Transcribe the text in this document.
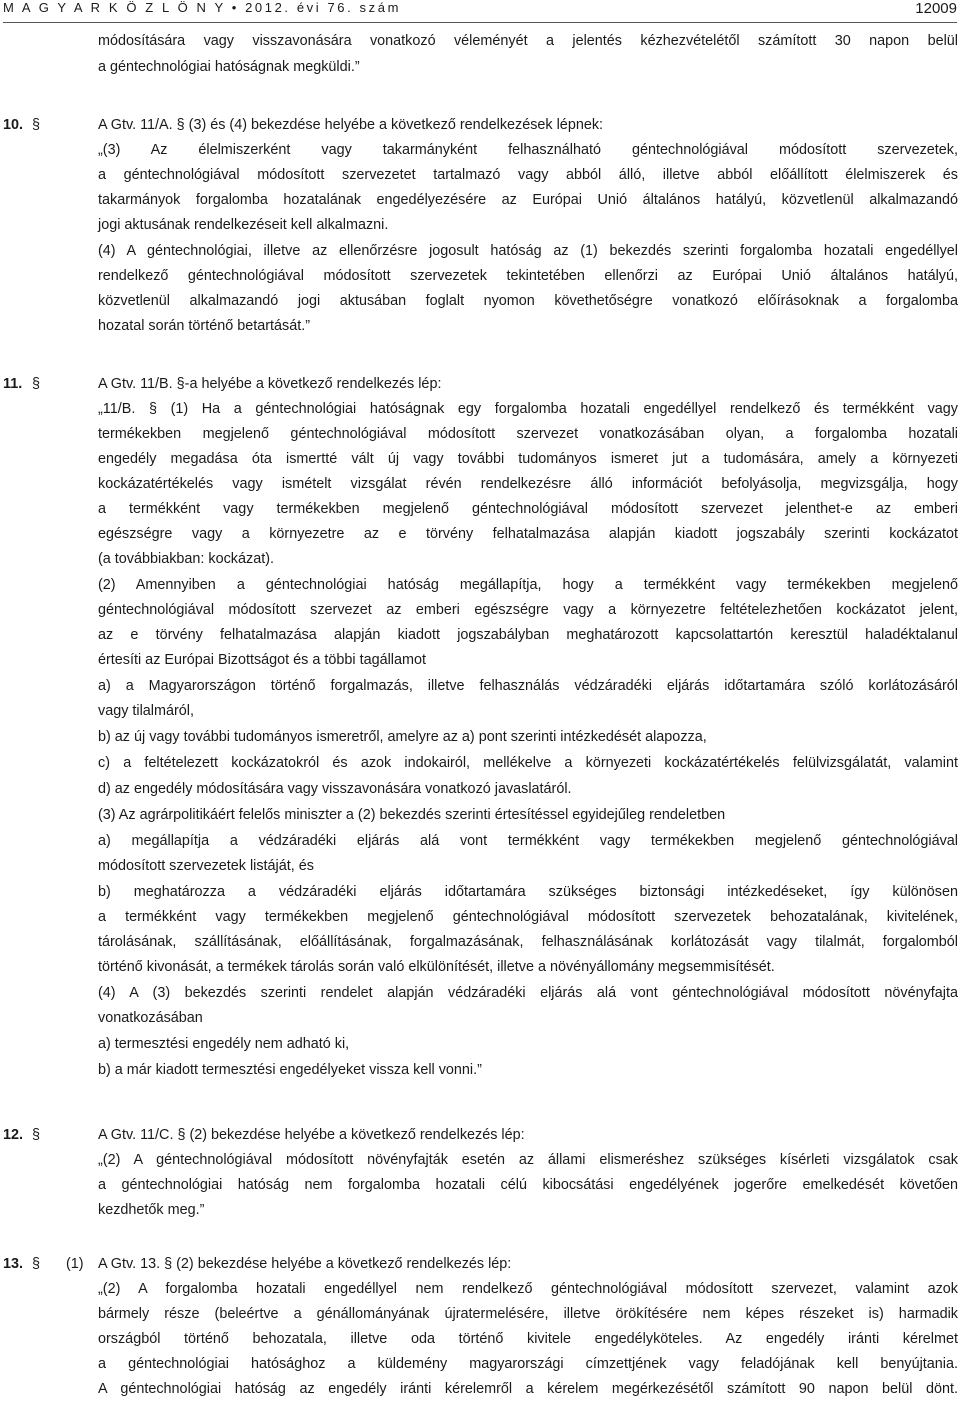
M A G Y A R K Ö Z L Ö N Y • 2012. évi 76. szám	12009
10. §
11. §
12. §
13. § (1)
módosítására vagy visszavonására vonatkozó véleményét a jelentés kézhezvételétől számított 30 napon belül
a géntechnológiai hatóságnak megküldi.”
A Gtv. 11/A. § (3) és (4) bekezdése helyébe a következő rendelkezések lépnek:
„(3) Az élelmiszerként vagy takarmányként felhasználható géntechnológiával módosított szervezetek,
a géntechnológiával módosított szervezetet tartalmazó vagy abból álló, illetve abból előállított élelmiszerek és
takarmányok forgalomba hozatalának engedélyezésére az Európai Unió általános hatályú, közvetlenül alkalmazandó
jogi aktusának rendelkezéseit kell alkalmazni.
(4) A géntechnológiai, illetve az ellenőrzésre jogosult hatóság az (1) bekezdés szerinti forgalomba hozatali engedéllyel
rendelkező géntechnológiával módosított szervezetek tekintetében ellenőrzi az Európai Unió általános hatályú,
közvetlenül alkalmazandó jogi aktusában foglalt nyomon követhetőségre vonatkozó előírásoknak a forgalomba
hozatal során történő betartását.”
A Gtv. 11/B. §-a helyébe a következő rendelkezés lép:
„11/B. § (1) Ha a géntechnológiai hatóságnak egy forgalomba hozatali engedéllyel rendelkező és termékként vagy
termékekben megjelenő géntechnológiával módosított szervezet vonatkozásában olyan, a forgalomba hozatali
engedély megadása óta ismertté vált új vagy további tudományos ismeret jut a tudomására, amely a környezeti
kockázatértékelés vagy ismételt vizsgálat révén rendelkezésre álló információt befolyásolja, megvizsgálja, hogy
a termékként vagy termékekben megjelenő géntechnológiával módosított szervezet jelenthet-e az emberi
egészségre vagy a környezetre az e törvény felhatalmazása alapján kiadott jogszabály szerinti kockázatot
(a továbbiakban: kockázat).
(2) Amennyiben a géntechnológiai hatóság megállapítja, hogy a termékként vagy termékekben megjelenő
géntechnológiával módosított szervezet az emberi egészségre vagy a környezetre feltételezhetően kockázatot jelent,
az e törvény felhatalmazása alapján kiadott jogszabályban meghatározott kapcsolattartón keresztül haladéktalanul
értesíti az Európai Bizottságot és a többi tagállamot
a) a Magyarországon történő forgalmazás, illetve felhasználás védzáradéki eljárás időtartamára szóló korlátozásáról
vagy tilalmáról,
b) az új vagy további tudományos ismeretről, amelyre az a) pont szerinti intézkedését alapozza,
c) a feltételezett kockázatokról és azok indokairól, mellékelve a környezeti kockázatértékelés felülvizsgálatát, valamint
d) az engedély módosítására vagy visszavonására vonatkozó javaslatáról.
(3) Az agrárpolitikáért felelős miniszter a (2) bekezdés szerinti értesítéssel egyidejűleg rendeletben
a) megállapítja a védzáradéki eljárás alá vont termékként vagy termékekben megjelenő géntechnológiával
módosított szervezetek listáját, és
b) meghatározza a védzáradéki eljárás időtartamára szükséges biztonsági intézkedéseket, így különösen
a termékként vagy termékekben megjelenő géntechnológiával módosított szervezetek behozatalának, kivitelének,
tárolásának, szállításának, előállításának, forgalmazásának, felhasználásának korlátozását vagy tilalmát, forgalomból
történő kivonását, a termékek tárolás során való elkülönítését, illetve a növényállomány megsemmisítését.
(4) A (3) bekezdés szerinti rendelet alapján védzáradéki eljárás alá vont géntechnológiával módosított növényfajta
vonatkozásában
a) termesztési engedély nem adható ki,
b) a már kiadott termesztési engedélyeket vissza kell vonni.”
A Gtv. 11/C. § (2) bekezdése helyébe a következő rendelkezés lép:
„(2) A géntechnológiával módosított növényfajták esetén az állami elismeréshez szükséges kísérleti vizsgálatok csak
a géntechnológiai hatóság nem forgalomba hozatali célú kibocsátási engedélyének jogerőre emelkedését követően
kezdhetők meg.”
A Gtv. 13. § (2) bekezdése helyébe a következő rendelkezés lép:
„(2) A forgalomba hozatali engedéllyel nem rendelkező géntechnológiával módosított szervezet, valamint azok
bármely része (beleértve a génállományának újratermelésére, illetve örökítésére nem képes részeket is) harmadik
országból történő behozatala, illetve oda történő kivitele engedélyköteles. Az engedély iránti kérelmet
a géntechnológiai hatósághoz a küldemény magyarországi címzettjének vagy feladójának kell benyújtania.
A géntechnológiai hatóság az engedély iránti kérelemről a kérelem megérkezésétől számított 90 napon belül dönt.
